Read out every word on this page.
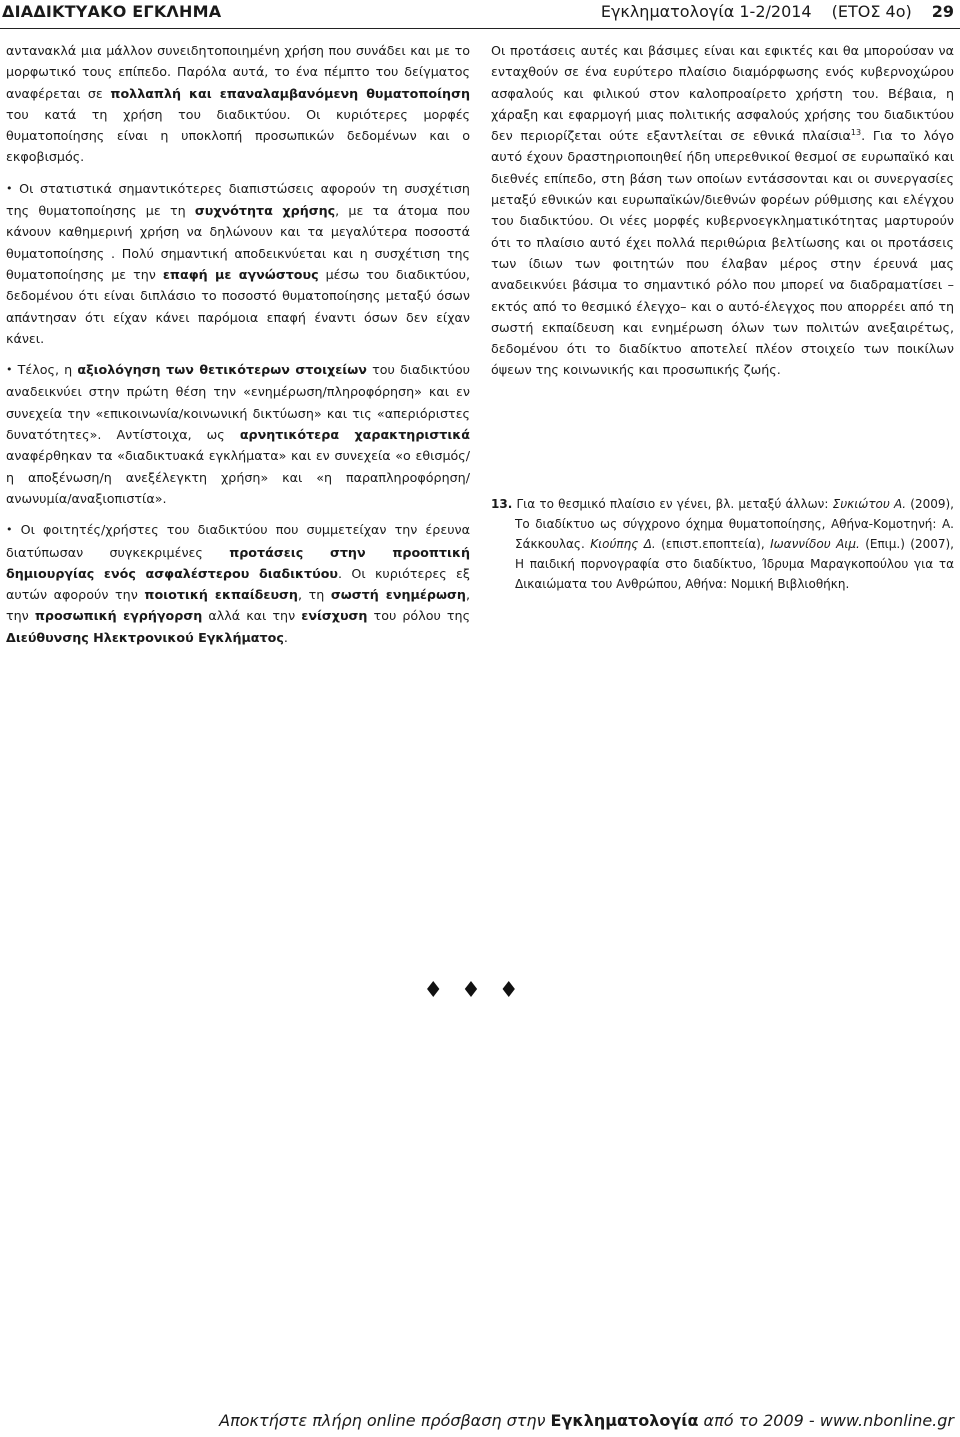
ΔΙΑΔΙΚΤΥΑΚΟ ΕΓΚΛΗΜΑ	Εγκληματολογία 1-2/2014 (ΕΤΟΣ 4ο) 29

αντανακλά μια μάλλον συνειδητοποιημένη χρήση που συνάδει και με το μορφωτικό τους επίπεδο. Παρόλα αυτά, το ένα πέμπτο του δείγματος αναφέρεται σε πολλαπλή και επαναλαμβανόμενη θυματοποίηση του κατά τη χρήση του διαδικτύου. Οι κυριότερες μορφές θυματοποίησης είναι η υποκλοπή προσωπικών δεδομένων και ο εκφοβισμός.

• Οι στατιστικά σημαντικότερες διαπιστώσεις αφορούν τη συσχέτιση της θυματοποίησης με τη συχνότητα χρήσης, με τα άτομα που κάνουν καθημερινή χρήση να δηλώνουν και τα μεγαλύτερα ποσοστά θυματοποίησης . Πολύ σημαντική αποδεικνύεται και η συσχέτιση της θυματοποίησης με την επαφή με αγνώστους μέσω του διαδικτύου, δεδομένου ότι είναι διπλάσιο το ποσοστό θυματοποίησης μεταξύ όσων απάντησαν ότι είχαν κάνει παρόμοια επαφή έναντι όσων δεν είχαν κάνει.

• Τέλος, η αξιολόγηση των θετικότερων στοιχείων του διαδικτύου αναδεικνύει στην πρώτη θέση την «ενημέρωση/πληροφόρηση» και εν συνεχεία την «επικοινωνία/κοινωνική δικτύωση» και τις «απεριόριστες δυνατότητες». Αντίστοιχα, ως αρνητικότερα χαρακτηριστικά αναφέρθηκαν τα «διαδικτυακά εγκλήματα» και εν συνεχεία «ο εθισμός/η αποξένωση/η ανεξέλεγκτη χρήση» και «η παραπληροφόρηση/ανωνυμία/αναξιοπιστία».

• Οι φοιτητές/χρήστες του διαδικτύου που συμμετείχαν την έρευνα διατύπωσαν συγκεκριμένες προτάσεις στην προοπτική δημιουργίας ενός ασφαλέστερου διαδικτύου. Οι κυριότερες εξ αυτών αφορούν την ποιοτική εκπαίδευση, τη σωστή ενημέρωση, την προσωπική εγρήγορση αλλά και την ενίσχυση του ρόλου της Διεύθυνσης Ηλεκτρονικού Εγκλήματος.

Οι προτάσεις αυτές και βάσιμες είναι και εφικτές και θα μπορούσαν να ενταχθούν σε ένα ευρύτερο πλαίσιο διαμόρφωσης ενός κυβερνοχώρου ασφαλούς και φιλικού στον καλοπροαίρετο χρήστη του. Βέβαια, η χάραξη και εφαρμογή μιας πολιτικής ασφαλούς χρήσης του διαδικτύου δεν περιορίζεται ούτε εξαντλείται σε εθνικά πλαίσια$^{13}$. Για το λόγο αυτό έχουν δραστηριοποιηθεί ήδη υπερεθνικοί θεσμοί σε ευρωπαϊκό και διεθνές επίπεδο, στη βάση των οποίων εντάσσονται και οι συνεργασίες μεταξύ εθνικών και ευρωπαϊκών/διεθνών φορέων ρύθμισης και ελέγχου του διαδικτύου. Οι νέες μορφές κυβερνοεγκληματικότητας μαρτυρούν ότι το πλαίσιο αυτό έχει πολλά περιθώρια βελτίωσης και οι προτάσεις των ίδιων των φοιτητών που έλαβαν μέρος στην έρευνά μας αναδεικνύει βάσιμα το σημαντικό ρόλο που μπορεί να διαδραματίσει –εκτός από το θεσμικό έλεγχο– και ο αυτό-έλεγχος που απορρέει από τη σωστή εκπαίδευση και ενημέρωση όλων των πολιτών ανεξαιρέτως, δεδομένου ότι το διαδίκτυο αποτελεί πλέον στοιχείο των ποικίλων όψεων της κοινωνικής και προσωπικής ζωής.

13. Για το θεσμικό πλαίσιο εν γένει, βλ. μεταξύ άλλων: Συκιώτου Α. (2009), Το διαδίκτυο ως σύγχρονο όχημα θυματοποίησης, Αθήνα-Κομοτηνή: Α. Σάκκουλας. Κιούπης Δ. (επιστ.εποπτεία), Ιωαννίδου Αιμ. (Επιμ.) (2007), Η παιδική πορνογραφία στο διαδίκτυο, Ίδρυμα Μαραγκοπούλου για τα Δικαιώματα του Ανθρώπου, Αθήνα: Νομική Βιβλιοθήκη.
♦♦♦
Αποκτήστε πλήρη online πρόσβαση στην Εγκληματολογία από το 2009 - www.nbonline.gr
